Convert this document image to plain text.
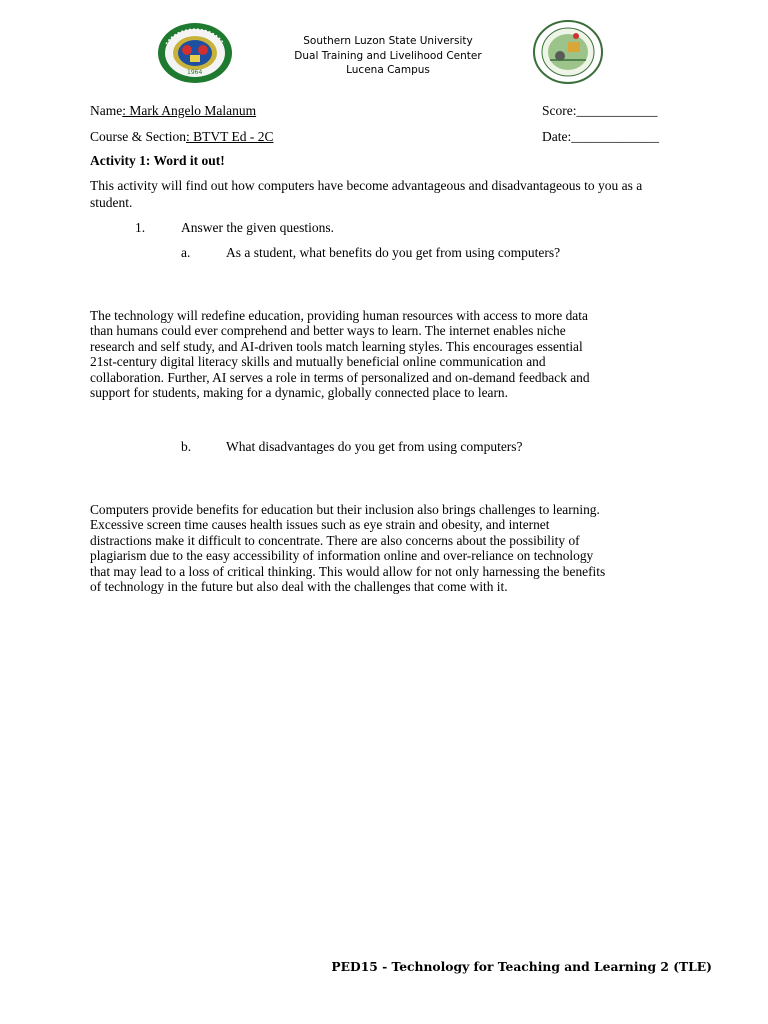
1964
Southern Luzon State University
Dual Training and Livelihood Center
Lucena Campus
Name: Mark Angelo Malanum	Score:____________
Course & Section: BTVT Ed - 2C	Date:_____________
Activity 1: Word it out!
This activity will find out how computers have become advantageous and disadvantageous to you as a student.
1.	Answer the given questions.
a.	As a student, what benefits do you get from using computers?
The technology will redefine education, providing human resources with access to more data
than humans could ever comprehend and better ways to learn. The internet enables niche
research and self study, and AI-driven tools match learning styles. This encourages essential
21st-century digital literacy skills and mutually beneficial online communication and
collaboration. Further, AI serves a role in terms of personalized and on-demand feedback and
support for students, making for a dynamic, globally connected place to learn.
b.	What disadvantages do you get from using computers?
Computers provide benefits for education but their inclusion also brings challenges to learning.
Excessive screen time causes health issues such as eye strain and obesity, and internet
distractions make it difficult to concentrate. There are also concerns about the possibility of
plagiarism due to the easy accessibility of information online and over-reliance on technology
that may lead to a loss of critical thinking. This would allow for not only harnessing the benefits
of technology in the future but also deal with the challenges that come with it.
PED15 - Technology for Teaching and Learning 2 (TLE)
